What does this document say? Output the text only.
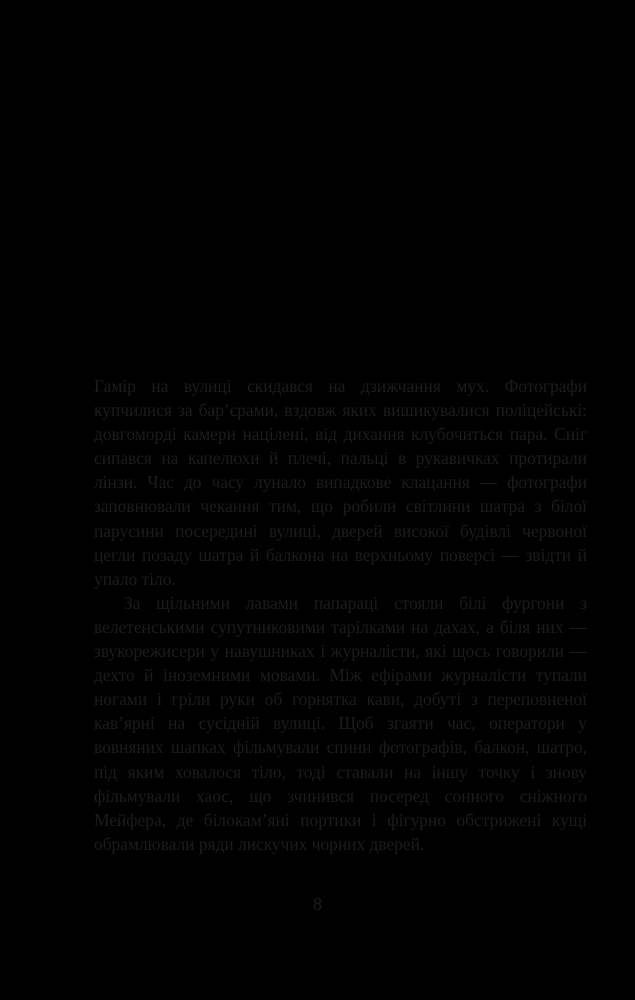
Гамір на вулиці скидався на дзижчання мух. Фотографи купчилися за бар’єрами, вздовж яких вишикувалися поліцейські: довгоморді камери націлені, від дихання клубочиться пара. Сніг сипався на капелюхи й плечі, пальці в рукавичках протирали лінзи. Час до часу лунало випадкове клацання — фотографи заповнювали чекання тим, що робили світлини шатра з білої парусини посередині вулиці, дверей високої будівлі червоної цегли позаду шатра й балкона на верхньому поверсі — звідти й упало тіло.

За щільними лавами папараці стояли білі фургони з велетенськими супутниковими тарілками на дахах, а біля них — звукорежисери у навушниках і журналісти, які щось говорили — дехто й іноземними мовами. Між ефірами журналісти тупали ногами і гріли руки об горнятка кави, добуті з переповненої кав’ярні на сусідній вулиці. Щоб згаяти час, оператори у вовняних шапках фільмували спини фотографів, балкон, шатро, під яким ховалося тіло, тоді ставали на іншу точку і знову фільмували хаос, що зчинився посеред сонного сніжного Мейфера, де білокам’яні портики і фігурно обстрижені кущі обрамлювали ряди лискучих чорних дверей.

8
